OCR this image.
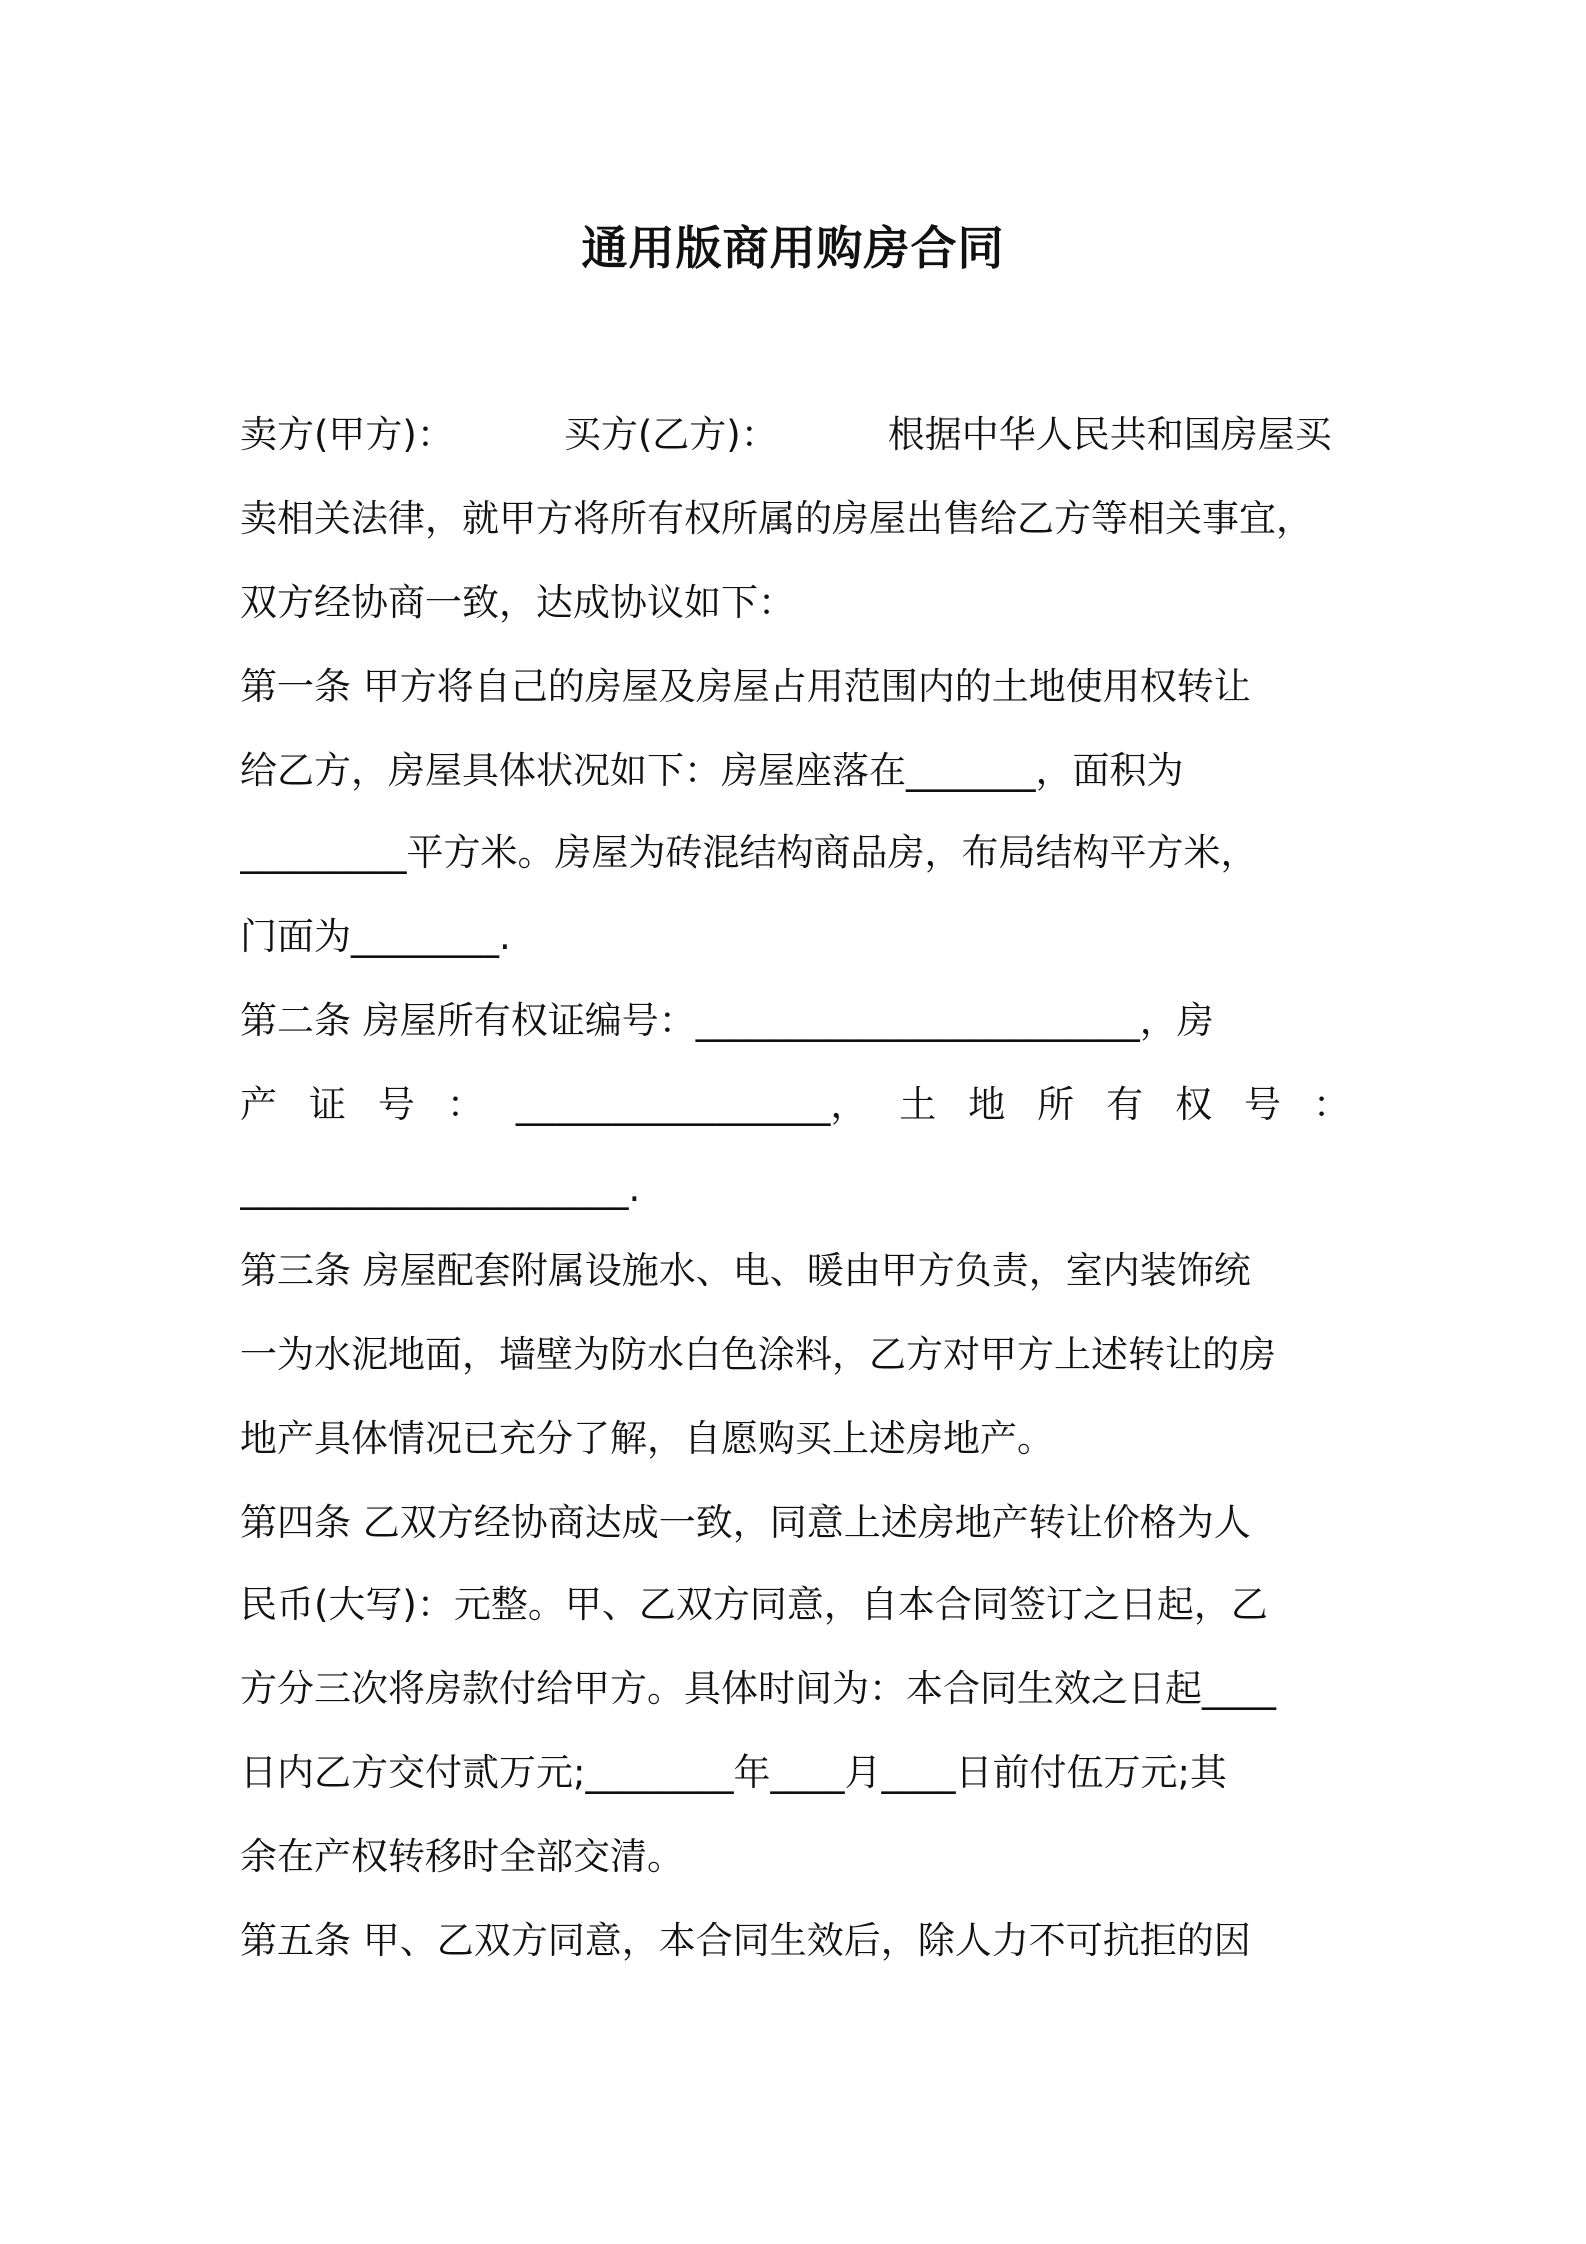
通用版商用购房合同
卖方(甲方)：	买方(乙方)：	根据中华人民共和国房屋买
卖相关法律，就甲方将所有权所属的房屋出售给乙方等相关事宜，
双方经协商一致，达成协议如下：
第一条 甲方将自己的房屋及房屋占用范围内的土地使用权转让
给乙方，房屋具体状况如下：房屋座落在_______，面积为
_________平方米。房屋为砖混结构商品房，布局结构平方米，
门面为________.
第二条 房屋所有权证编号：________________________，房
产 证 号 ： _________________， 土 地 所 有 权 号 ：
_____________________.
第三条 房屋配套附属设施水、电、暖由甲方负责，室内装饰统
一为水泥地面，墙壁为防水白色涂料，乙方对甲方上述转让的房
地产具体情况已充分了解，自愿购买上述房地产。
第四条 乙双方经协商达成一致，同意上述房地产转让价格为人
民币(大写)：元整。甲、乙双方同意，自本合同签订之日起，乙
方分三次将房款付给甲方。具体时间为：本合同生效之日起____
日内乙方交付贰万元;________年____月____日前付伍万元;其
余在产权转移时全部交清。
第五条 甲、乙双方同意，本合同生效后，除人力不可抗拒的因
